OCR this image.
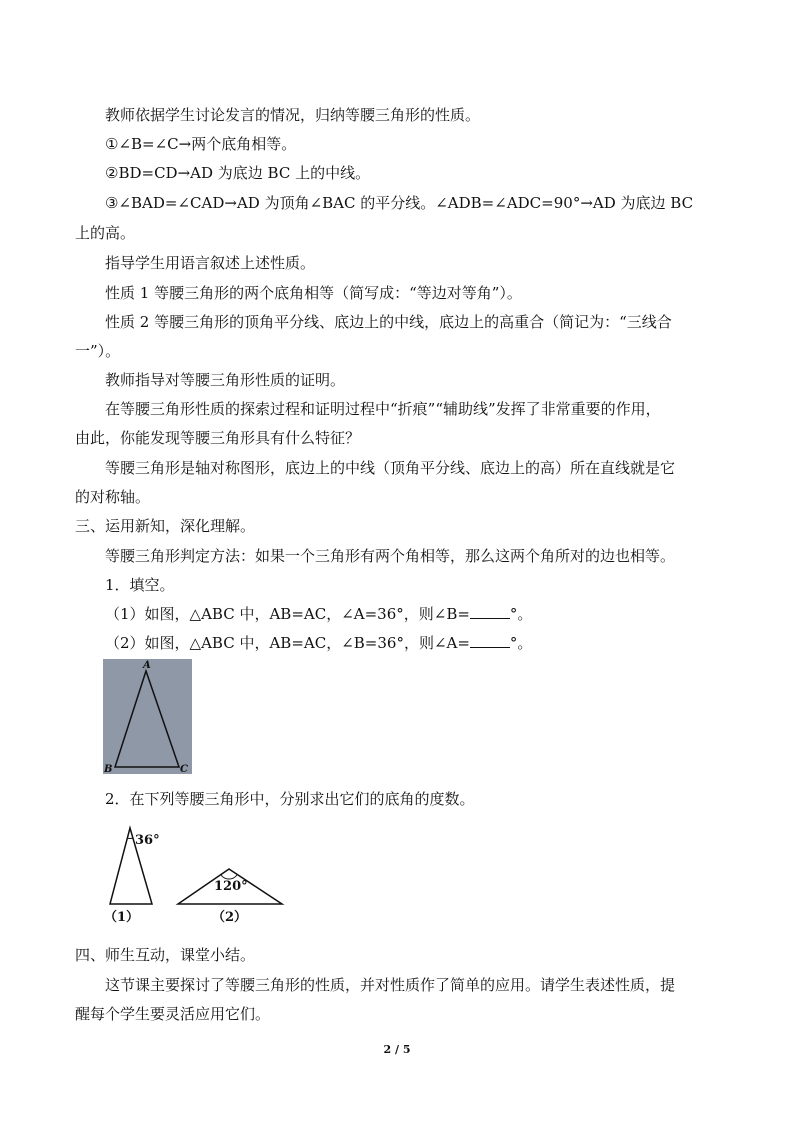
教师依据学生讨论发言的情况，归纳等腰三角形的性质。
①∠B=∠C→两个底角相等。
②BD=CD→AD 为底边 BC 上的中线。
③∠BAD=∠CAD→AD 为顶角∠BAC 的平分线。∠ADB=∠ADC=90°→AD 为底边 BC
上的高。
指导学生用语言叙述上述性质。
性质 1 等腰三角形的两个底角相等（简写成：“等边对等角”）。
性质 2 等腰三角形的顶角平分线、底边上的中线，底边上的高重合（简记为：“三线合
一”）。
教师指导对等腰三角形性质的证明。
在等腰三角形性质的探索过程和证明过程中“折痕”“辅助线”发挥了非常重要的作用，
由此，你能发现等腰三角形具有什么特征？
等腰三角形是轴对称图形，底边上的中线（顶角平分线、底边上的高）所在直线就是它
的对称轴。
三、运用新知，深化理解。
等腰三角形判定方法：如果一个三角形有两个角相等，那么这两个角所对的边也相等。
1．填空。
（1）如图，△ABC 中，AB=AC，∠A=36°，则∠B=	°。
（2）如图，△ABC 中，AB=AC，∠B=36°，则∠A=	°。
A
B	C
2．在下列等腰三角形中，分别求出它们的底角的度数。
36°
（1）
120°
（2）
四、师生互动，课堂小结。
这节课主要探讨了等腰三角形的性质，并对性质作了简单的应用。请学生表述性质，提
醒每个学生要灵活应用它们。
2 / 5
